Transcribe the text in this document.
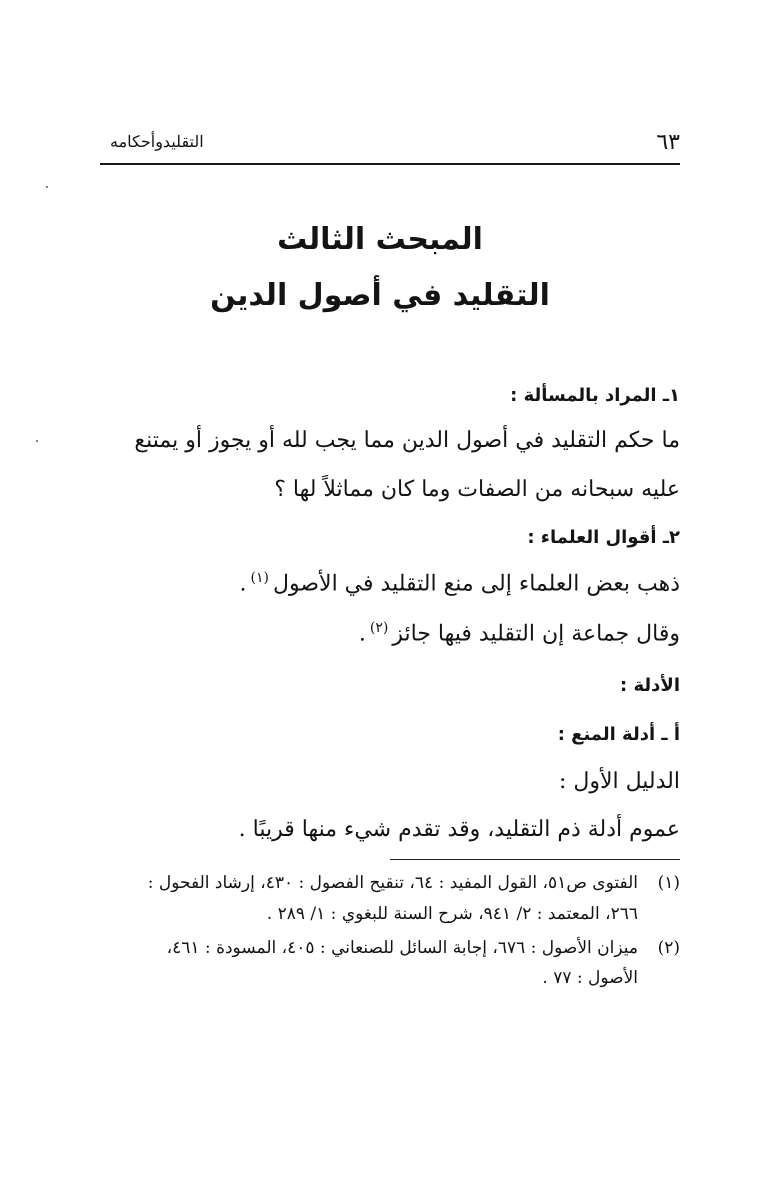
٦٣
التقليدوأحكامه
المبحث الثالث
التقليد في أصول الدين
١ـ المراد بالمسألة :
ما حكم التقليد في أصول الدين مما يجب لله أو يجوز أو يمتنع
عليه سبحانه من الصفات وما كان مماثلاً لها ؟
٢ـ أقوال العلماء :
ذهب بعض العلماء إلى منع التقليد في الأصول$^{(١)}$.
وقال جماعة إن التقليد فيها جائز$^{(٢)}$.
الأدلة :
أ ـ أدلة المنع :
الدليل الأول :
عموم أدلة ذم التقليد، وقد تقدم شيء منها قريبًا .
(١)
الفتوى ص٥١، القول المفيد : ٦٤، تنقيح الفصول : ٤٣٠، إرشاد الفحول :
٢٦٦، المعتمد : ٢/ ٩٤١، شرح السنة للبغوي : ١/ ٢٨٩ .
(٢)
ميزان الأصول : ٦٧٦، إجابة السائل للصنعاني : ٤٠٥، المسودة : ٤٦١،
الأصول : ٧٧ .
